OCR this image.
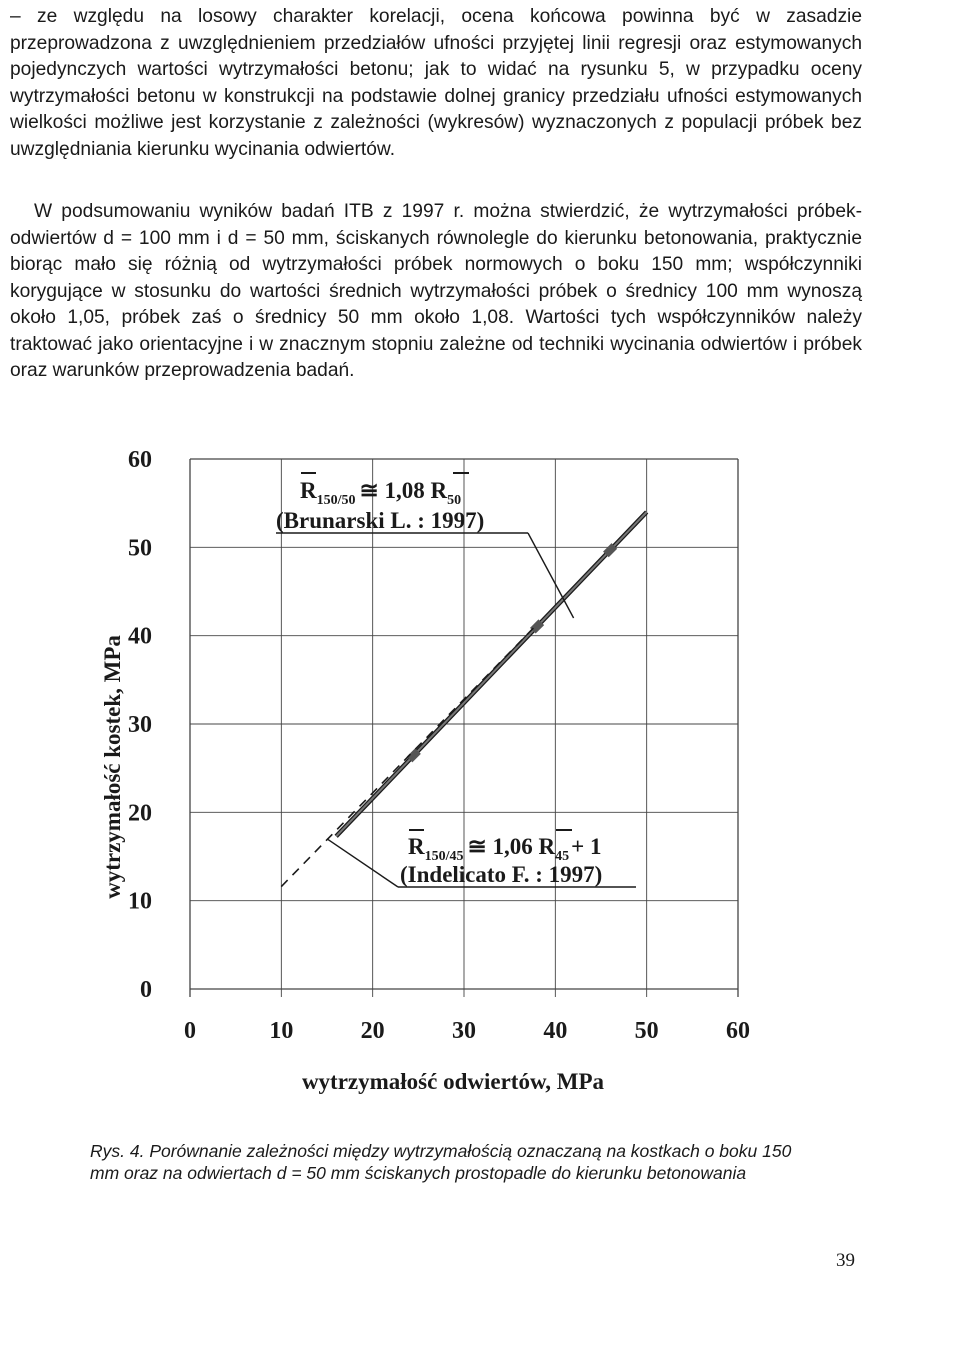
– ze względu na losowy charakter korelacji, ocena końcowa powinna być w zasadzie przeprowadzona z uwzględnieniem przedziałów ufności przyjętej linii regresji oraz estymowanych pojedynczych wartości wytrzymałości betonu; jak to widać na rysunku 5, w przypadku oceny wytrzymałości betonu w konstrukcji na podstawie dolnej granicy przedziału ufności estymowanych wielkości możliwe jest korzystanie z zależności (wykresów) wyznaczonych z populacji próbek bez uwzględniania kierunku wycinania odwiertów.

W podsumowaniu wyników badań ITB z 1997 r. można stwierdzić, że wytrzymałości próbek-odwiertów d = 100 mm i d = 50 mm, ściskanych równolegle do kierunku betonowania, praktycznie biorąc mało się różnią od wytrzymałości próbek normowych o boku 150 mm; współczynniki korygujące w stosunku do wartości średnich wytrzymałości próbek o średnicy 100 mm wynoszą około 1,05, próbek zaś o średnicy 50 mm około 1,08. Wartości tych współczynników należy traktować jako orientacyjne i w znacznym stopniu zależne od techniki wycinania odwiertów i próbek oraz warunków przeprowadzenia badań.

0
10
20
30
40
50
60
0	10	20	30	40	50	60
$R_{150/50}$ ≅ 1,08 $R_{50}$
(Brunarski L. : 1997)
$R_{150/45}$ ≅ 1,06 $R_{45}+ 1$
(Indelicato F. : 1997)
wytrzymałość kostek, MPa
wytrzymałość odwiertów, MPa

Rys. 4. Porównanie zależności między wytrzymałością oznaczaną na kostkach o boku 150 mm oraz na odwiertach d = 50 mm ściskanych prostopadle do kierunku betonowania

39
